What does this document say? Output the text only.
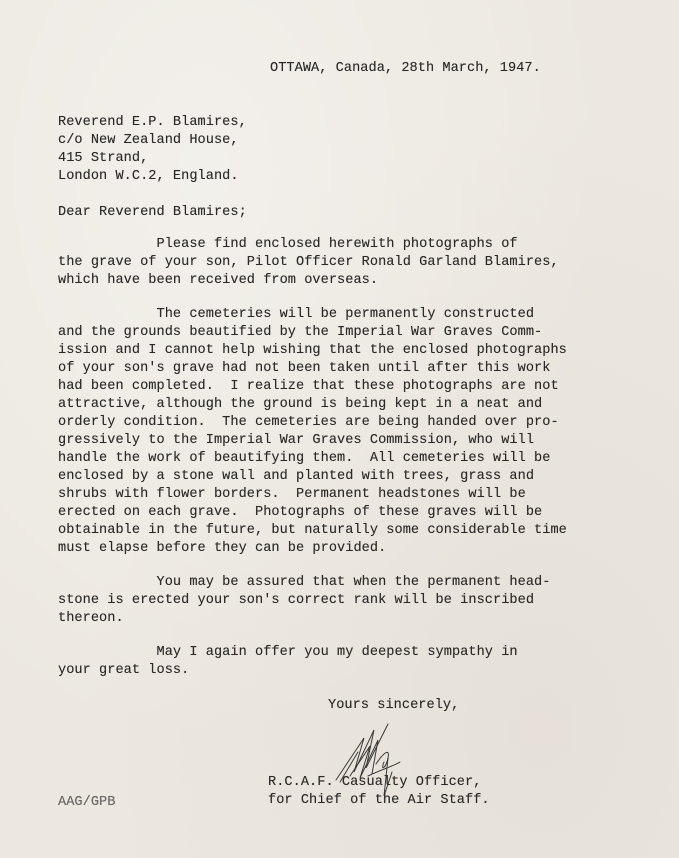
OTTAWA, Canada, 28th March, 1947.
Reverend E.P. Blamires,
c/o New Zealand House,
415 Strand,
London W.C.2, England.
Dear Reverend Blamires;
Please find enclosed herewith photographs of
the grave of your son, Pilot Officer Ronald Garland Blamires,
which have been received from overseas.
The cemeteries will be permanently constructed
and the grounds beautified by the Imperial War Graves Comm-
ission and I cannot help wishing that the enclosed photographs
of your son's grave had not been taken until after this work
had been completed.  I realize that these photographs are not
attractive, although the ground is being kept in a neat and
orderly condition.  The cemeteries are being handed over pro-
gressively to the Imperial War Graves Commission, who will
handle the work of beautifying them.  All cemeteries will be
enclosed by a stone wall and planted with trees, grass and
shrubs with flower borders.  Permanent headstones will be
erected on each grave.  Photographs of these graves will be
obtainable in the future, but naturally some considerable time
must elapse before they can be provided.
You may be assured that when the permanent head-
stone is erected your son's correct rank will be inscribed
thereon.
May I again offer you my deepest sympathy in
your great loss.
Yours sincerely,
R.C.A.F. Casualty Officer,
for Chief of the Air Staff.
AAG/GPB
